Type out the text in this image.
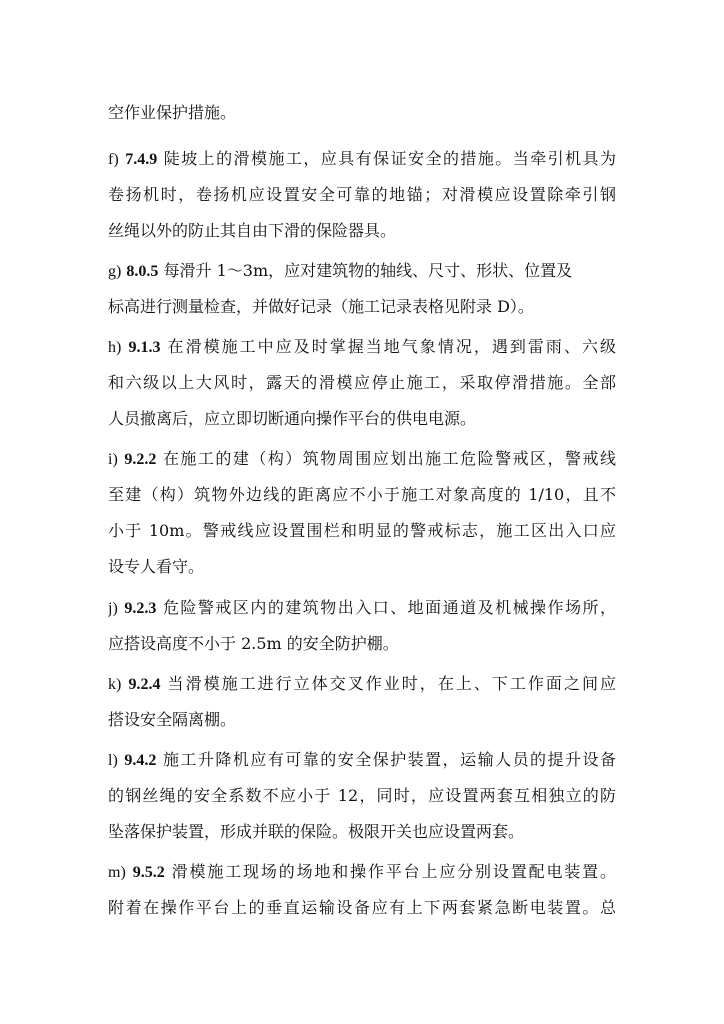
空作业保护措施。
f) 7.4.9 陡坡上的滑模施工，应具有保证安全的措施。当牵引机具为
卷扬机时，卷扬机应设置安全可靠的地锚；对滑模应设置除牵引钢
丝绳以外的防止其自由下滑的保险器具。
g) 8.0.5 每滑升 1～3m，应对建筑物的轴线、尺寸、形状、位置及
标高进行测量检查，并做好记录（施工记录表格见附录 D）。
h) 9.1.3 在滑模施工中应及时掌握当地气象情况，遇到雷雨、六级
和六级以上大风时，露天的滑模应停止施工，采取停滑措施。全部
人员撤离后，应立即切断通向操作平台的供电电源。
i) 9.2.2 在施工的建（构）筑物周围应划出施工危险警戒区，警戒线
至建（构）筑物外边线的距离应不小于施工对象高度的 1/10，且不
小于 10m。警戒线应设置围栏和明显的警戒标志，施工区出入口应
设专人看守。
j) 9.2.3 危险警戒区内的建筑物出入口、地面通道及机械操作场所，
应搭设高度不小于 2.5m 的安全防护棚。
k) 9.2.4 当滑模施工进行立体交叉作业时，在上、下工作面之间应
搭设安全隔离棚。
l) 9.4.2 施工升降机应有可靠的安全保护装置，运输人员的提升设备
的钢丝绳的安全系数不应小于 12，同时，应设置两套互相独立的防
坠落保护装置，形成并联的保险。极限开关也应设置两套。
m) 9.5.2 滑模施工现场的场地和操作平台上应分别设置配电装置。
附着在操作平台上的垂直运输设备应有上下两套紧急断电装置。总
